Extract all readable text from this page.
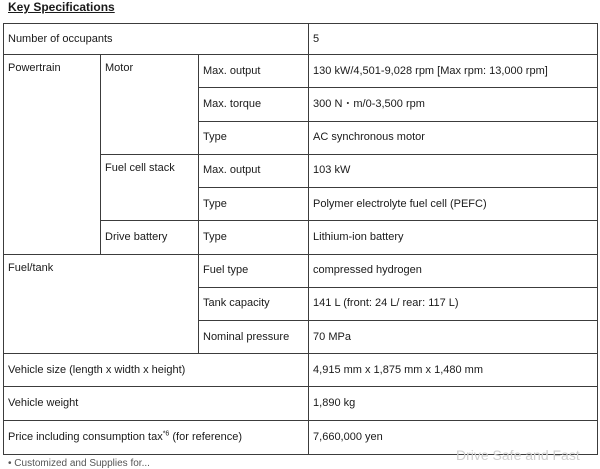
Key Specifications
Number of occupants			5
Powertrain	Motor	Max. output	130 kW/4,501-9,028 rpm [Max rpm: 13,000 rpm]
		Max. torque	300 N・m/0-3,500 rpm
		Type	AC synchronous motor
	Fuel cell stack	Max. output	103 kW
		Type	Polymer electrolyte fuel cell (PEFC)
	Drive battery	Type	Lithium-ion battery
Fuel/tank		Fuel type	compressed hydrogen
		Tank capacity	141 L (front: 24 L/ rear: 117 L)
		Nominal pressure	70 MPa
Vehicle size (length x width x height)			4,915 mm x 1,875 mm x 1,480 mm
Vehicle weight			1,890 kg
Price including consumption tax$^{*6}$ (for reference)			7,660,000 yen
• Customized and Supplies for...
Drive Safe and Fast
